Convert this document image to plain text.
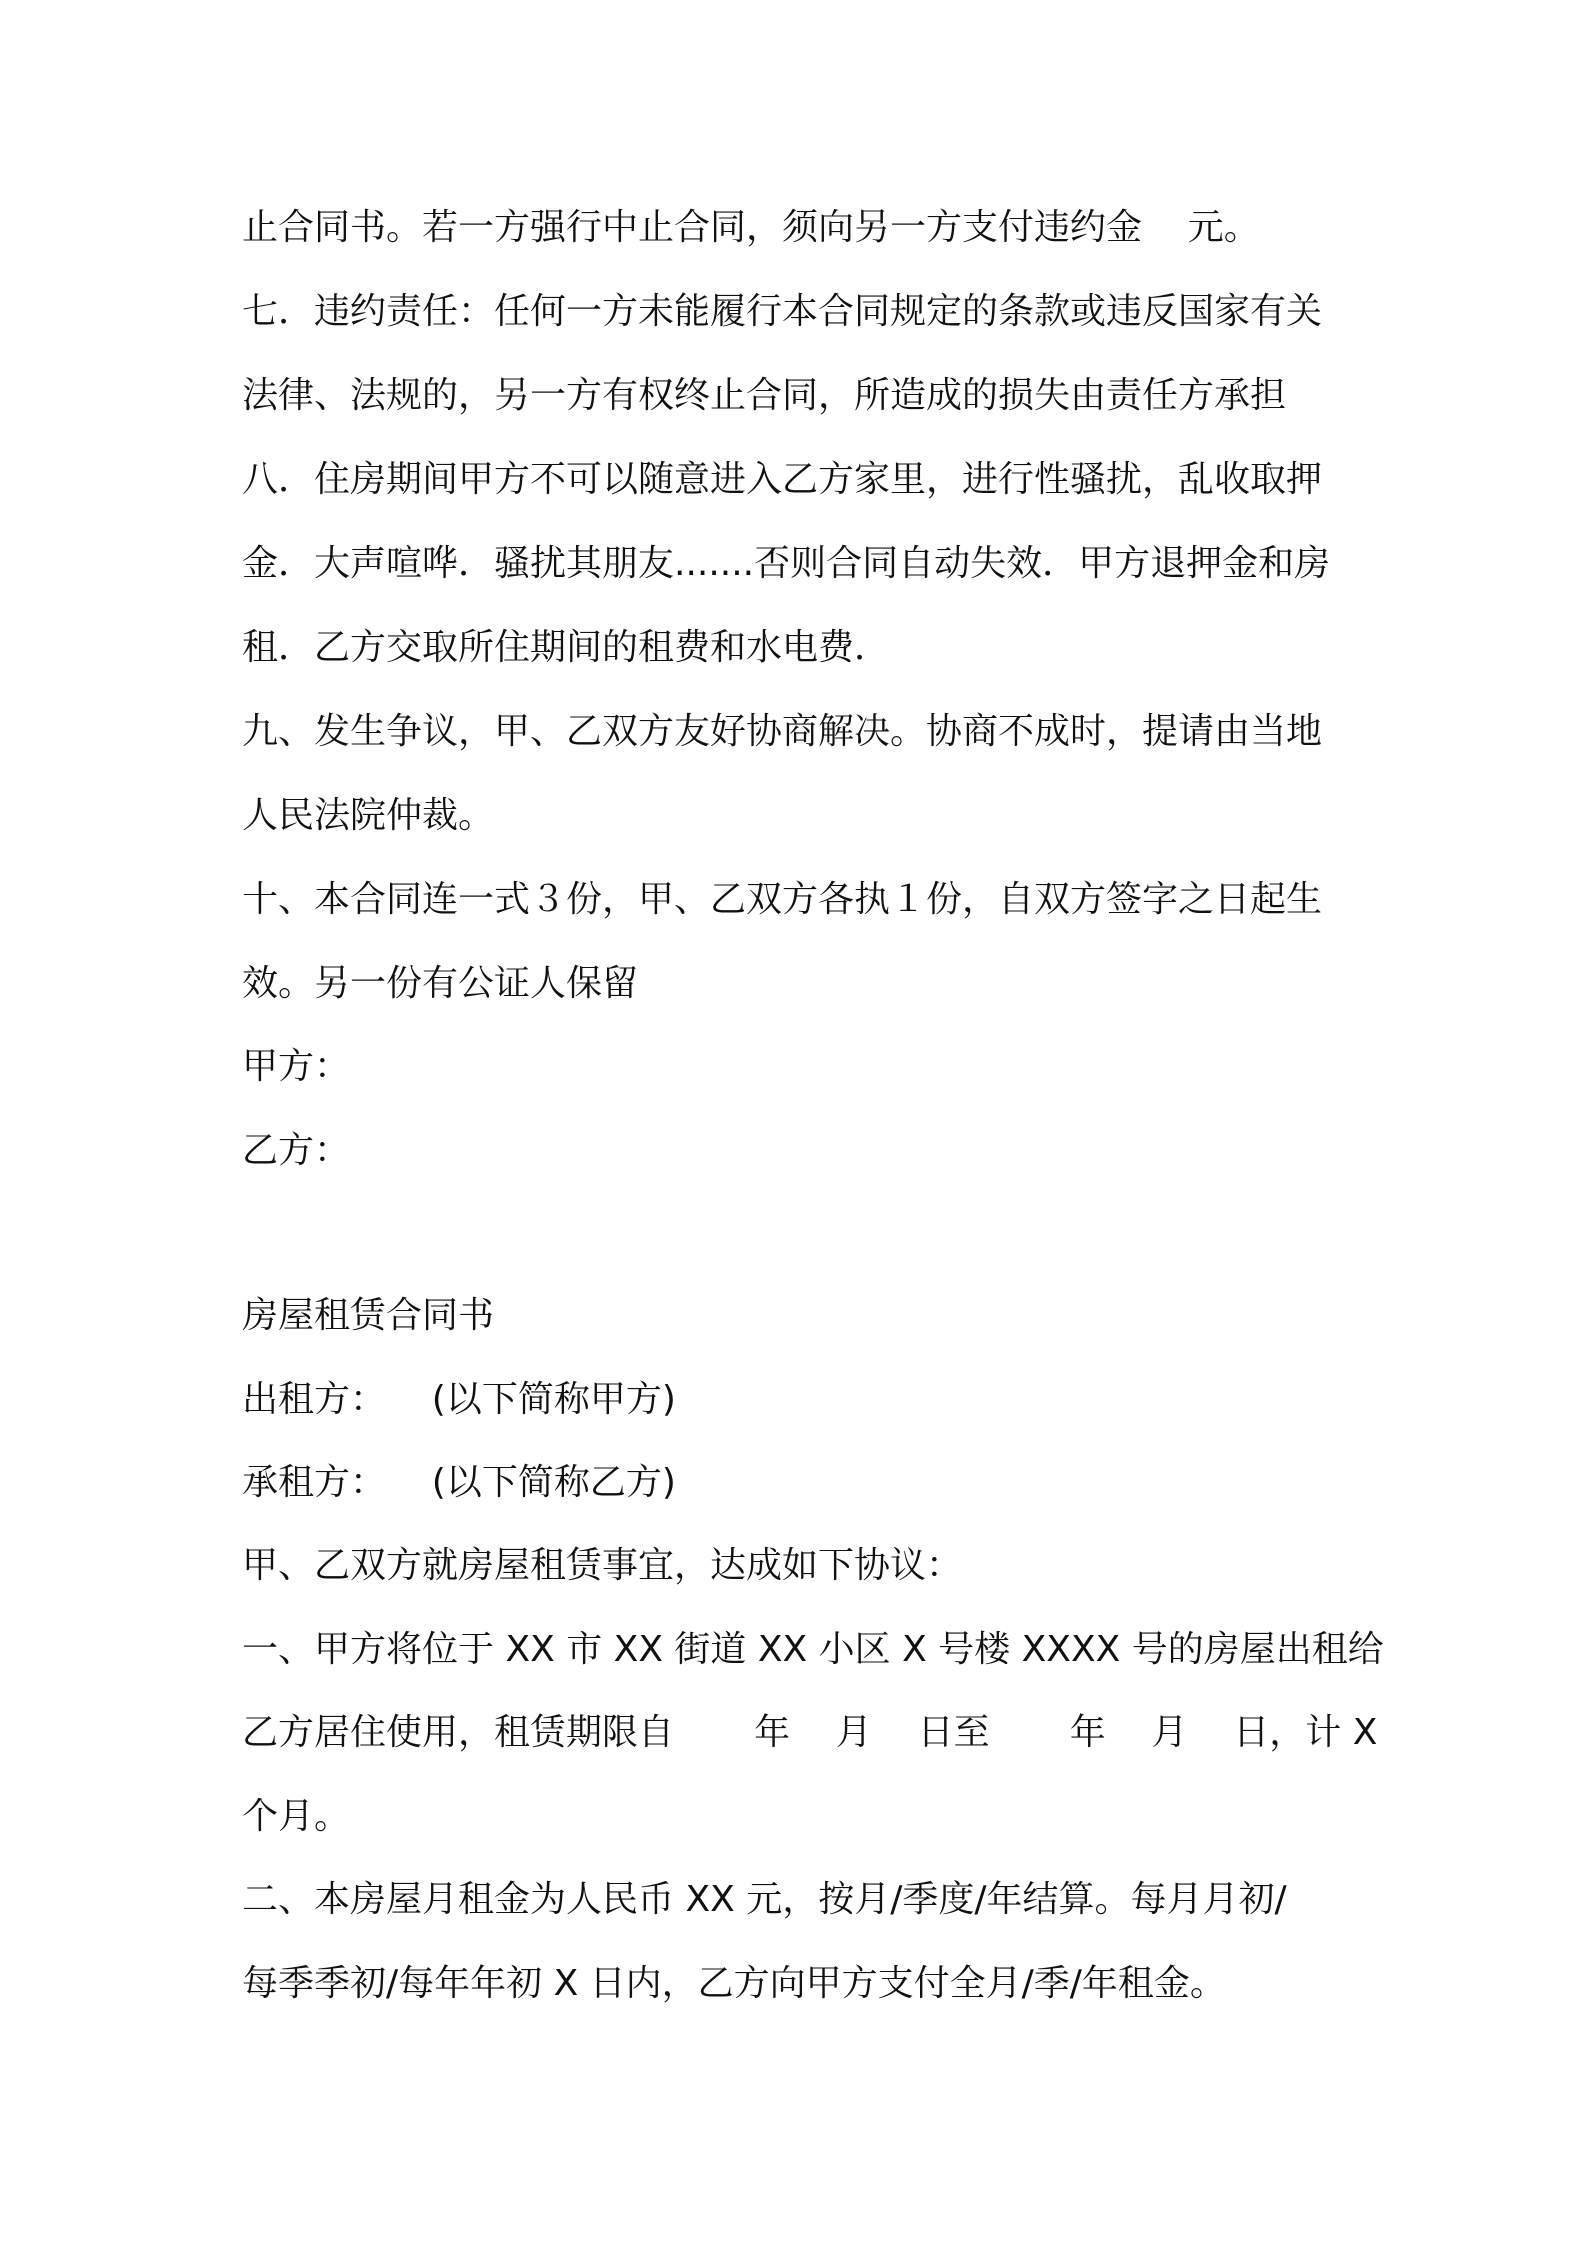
止合同书。若一方强行中止合同，须向另一方支付违约金    元。
七．违约责任：任何一方未能履行本合同规定的条款或违反国家有关
法律、法规的，另一方有权终止合同，所造成的损失由责任方承担
八．住房期间甲方不可以随意进入乙方家里，进行性骚扰，乱收取押
金．大声喧哗．骚扰其朋友.......否则合同自动失效．甲方退押金和房
租．乙方交取所住期间的租费和水电费．
九、发生争议，甲、乙双方友好协商解决。协商不成时，提请由当地
人民法院仲裁。
十、本合同连一式３份，甲、乙双方各执１份，自双方签字之日起生
效。另一份有公证人保留
甲方：
乙方：
房屋租赁合同书
出租方：    (以下简称甲方)
承租方：    (以下简称乙方)
甲、乙双方就房屋租赁事宜，达成如下协议：
一、甲方将位于 XX 市 XX 街道 XX 小区 X 号楼 XXXX 号的房屋出租给
乙方居住使用，租赁期限自       年    月    日至       年    月    日，计 X
个月。
二、本房屋月租金为人民币 XX 元，按月/季度/年结算。每月月初/
每季季初/每年年初 X 日内，乙方向甲方支付全月/季/年租金。
